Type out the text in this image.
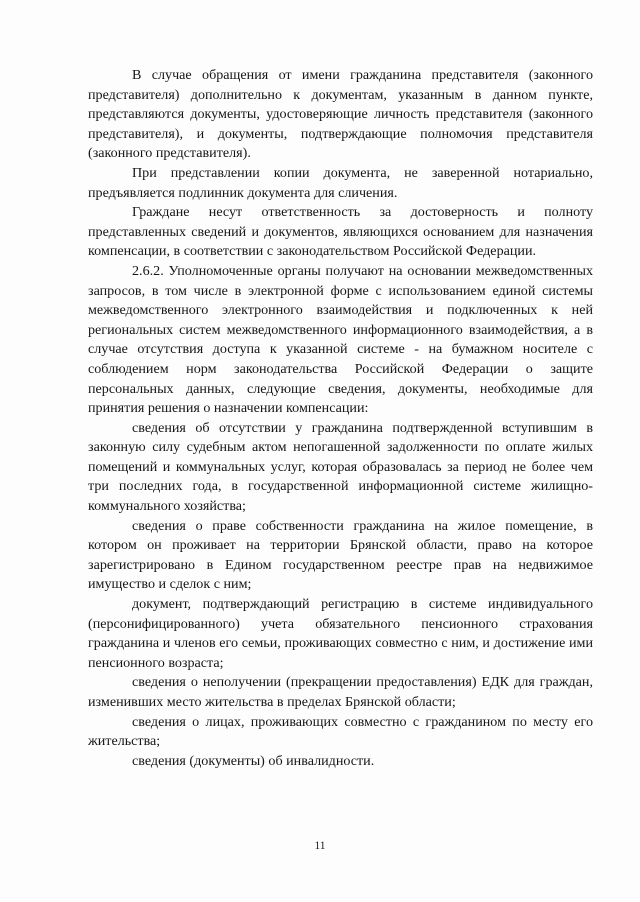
В случае обращения от имени гражданина представителя (законного представителя) дополнительно к документам, указанным в данном пункте, представляются документы, удостоверяющие личность представителя (законного представителя), и документы, подтверждающие полномочия представителя (законного представителя).

При представлении копии документа, не заверенной нотариально, предъявляется подлинник документа для сличения.

Граждане несут ответственность за достоверность и полноту представленных сведений и документов, являющихся основанием для назначения компенсации, в соответствии с законодательством Российской Федерации.

2.6.2. Уполномоченные органы получают на основании межведомственных запросов, в том числе в электронной форме с использованием единой системы межведомственного электронного взаимодействия и подключенных к ней региональных систем межведомственного информационного взаимодействия, а в случае отсутствия доступа к указанной системе - на бумажном носителе с соблюдением норм законодательства Российской Федерации о защите персональных данных, следующие сведения, документы, необходимые для принятия решения о назначении компенсации:

сведения об отсутствии у гражданина подтвержденной вступившим в законную силу судебным актом непогашенной задолженности по оплате жилых помещений и коммунальных услуг, которая образовалась за период не более чем три последних года, в государственной информационной системе жилищно-коммунального хозяйства;

сведения о праве собственности гражданина на жилое помещение, в котором он проживает на территории Брянской области, право на которое зарегистрировано в Едином государственном реестре прав на недвижимое имущество и сделок с ним;

документ, подтверждающий регистрацию в системе индивидуального (персонифицированного) учета обязательного пенсионного страхования гражданина и членов его семьи, проживающих совместно с ним, и достижение ими пенсионного возраста;

сведения о неполучении (прекращении предоставления) ЕДК для граждан, изменивших место жительства в пределах Брянской области;

сведения о лицах, проживающих совместно с гражданином по месту его жительства;

сведения (документы) об инвалидности.

11
